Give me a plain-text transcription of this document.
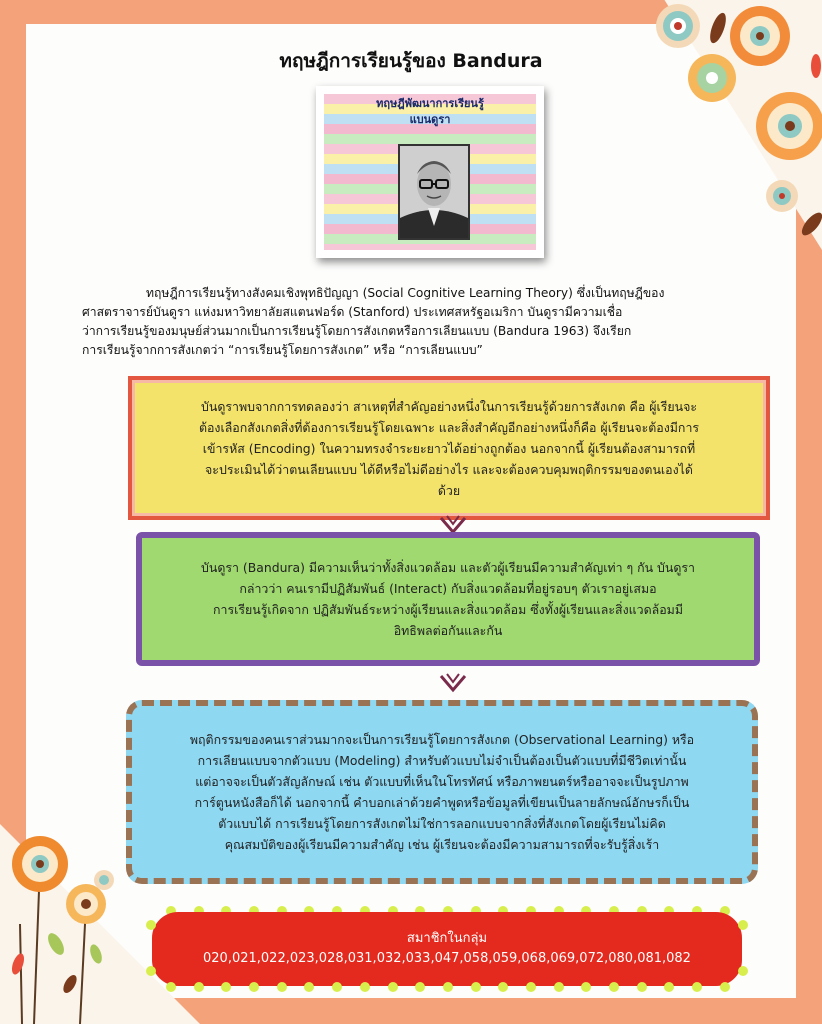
ทฤษฎีการเรียนรู้ของ Bandura
ทฤษฎีพัฒนาการเรียนรู้
แบนดูรา

ทฤษฎีการเรียนรู้ทางสังคมเชิงพุทธิปัญญา (Social Cognitive Learning Theory) ซึ่งเป็นทฤษฎีของ

ศาสตราจารย์บันดูรา แห่งมหาวิทยาลัยสแตนฟอร์ด (Stanford) ประเทศสหรัฐอเมริกา บันดูรามีความเชื่อ
ว่าการเรียนรู้ของมนุษย์ส่วนมากเป็นการเรียนรู้โดยการสังเกตหรือการเลียนแบบ (Bandura 1963) จึงเรียก
การเรียนรู้จากการสังเกตว่า “การเรียนรู้โดยการสังเกต” หรือ “การเลียนแบบ”
บันดูราพบจากการทดลองว่า สาเหตุที่สำคัญอย่างหนึ่งในการเรียนรู้ด้วยการสังเกต คือ ผู้เรียนจะ
ต้องเลือกสังเกตสิ่งที่ต้องการเรียนรู้โดยเฉพาะ และสิ่งสำคัญอีกอย่างหนึ่งก็คือ ผู้เรียนจะต้องมีการ
เข้ารหัส (Encoding) ในความทรงจำระยะยาวได้อย่างถูกต้อง นอกจากนี้ ผู้เรียนต้องสามารถที่
จะประเมินได้ว่าตนเลียนแบบ ได้ดีหรือไม่ดีอย่างไร และจะต้องควบคุมพฤติกรรมของตนเองได้
ด้วย
บันดูรา (Bandura) มีความเห็นว่าทั้งสิ่งแวดล้อม และตัวผู้เรียนมีความสำคัญเท่า ๆ กัน บันดูรา
กล่าวว่า คนเรามีปฏิสัมพันธ์ (Interact) กับสิ่งแวดล้อมที่อยู่รอบๆ ตัวเราอยู่เสมอ
การเรียนรู้เกิดจาก ปฏิสัมพันธ์ระหว่างผู้เรียนและสิ่งแวดล้อม ซึ่งทั้งผู้เรียนและสิ่งแวดล้อมมี
อิทธิพลต่อกันและกัน
พฤติกรรมของคนเราส่วนมากจะเป็นการเรียนรู้โดยการสังเกต (Observational Learning) หรือ
การเลียนแบบจากตัวแบบ (Modeling) สำหรับตัวแบบไม่จำเป็นต้องเป็นตัวแบบที่มีชีวิตเท่านั้น
แต่อาจจะเป็นตัวสัญลักษณ์ เช่น ตัวแบบที่เห็นในโทรทัศน์ หรือภาพยนตร์หรืออาจจะเป็นรูปภาพ
การ์ตูนหนังสือก็ได้ นอกจากนี้ คำบอกเล่าด้วยคำพูดหรือข้อมูลที่เขียนเป็นลายลักษณ์อักษรก็เป็น
ตัวแบบได้ การเรียนรู้โดยการสังเกตไม่ใช่การลอกแบบจากสิ่งที่สังเกตโดยผู้เรียนไม่คิด
คุณสมบัติของผู้เรียนมีความสำคัญ เช่น ผู้เรียนจะต้องมีความสามารถที่จะรับรู้สิ่งเร้า
สมาชิกในกลุ่ม
020,021,022,023,028,031,032,033,047,058,059,068,069,072,080,081,082
